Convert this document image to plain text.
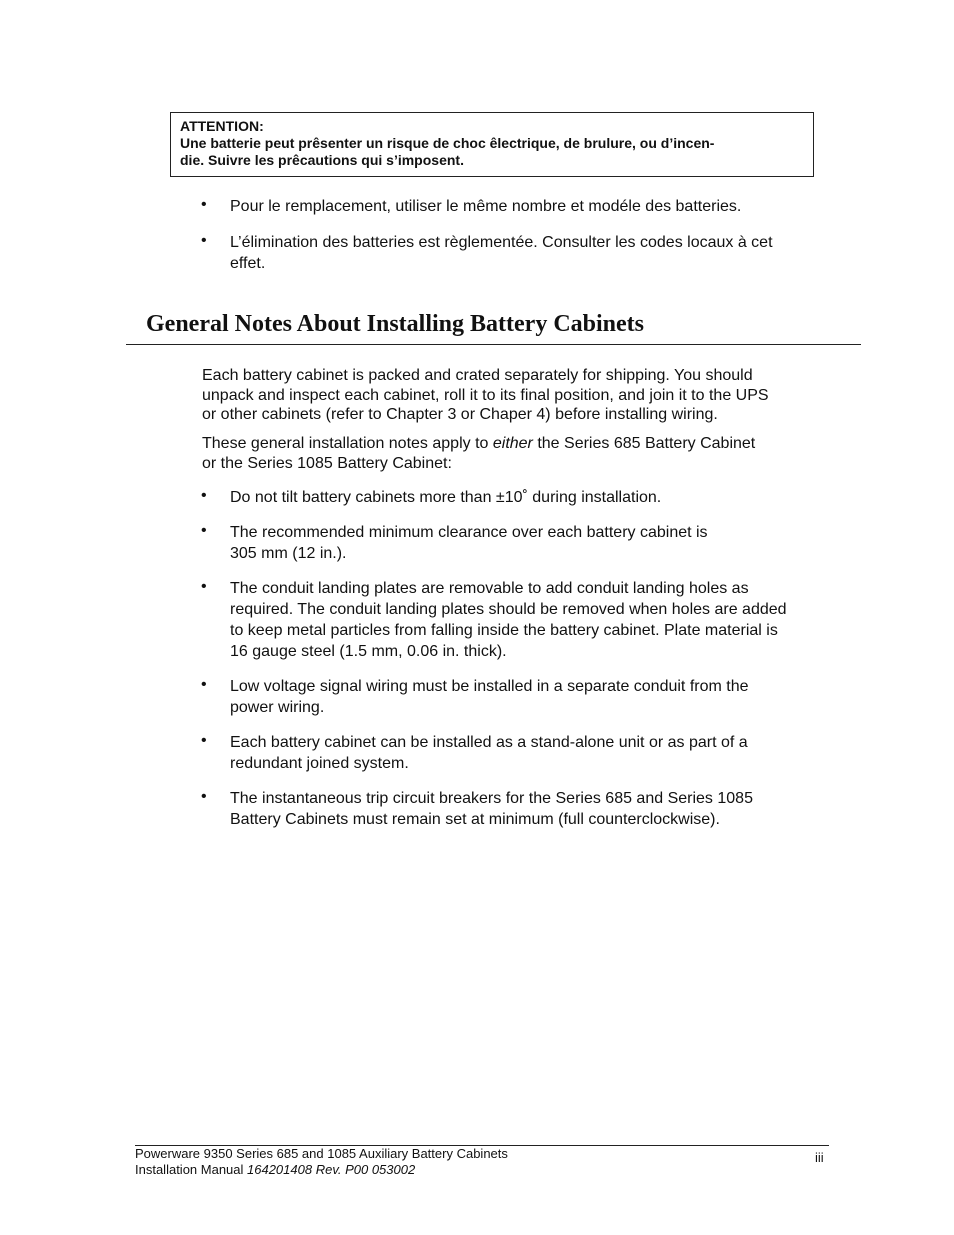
ATTENTION:
Une batterie peut prêsenter un risque de choc êlectrique, de brulure, ou d’incen-
die. Suivre les prêcautions qui s’imposent.
• Pour le remplacement, utiliser le même nombre et modéle des batteries.
• L’élimination des batteries est règlementée. Consulter les codes locaux à cet
effet.
General Notes About Installing Battery Cabinets
Each battery cabinet is packed and crated separately for shipping. You should
unpack and inspect each cabinet, roll it to its final position, and join it to the UPS
or other cabinets (refer to Chapter 3 or Chaper 4) before installing wiring.
These general installation notes apply to either the Series 685 Battery Cabinet
or the Series 1085 Battery Cabinet:
• Do not tilt battery cabinets more than ±10˚ during installation.
• The recommended minimum clearance over each battery cabinet is
305 mm (12 in.).
• The conduit landing plates are removable to add conduit landing holes as
required. The conduit landing plates should be removed when holes are added
to keep metal particles from falling inside the battery cabinet. Plate material is
16 gauge steel (1.5 mm, 0.06 in. thick).
• Low voltage signal wiring must be installed in a separate conduit from the
power wiring.
• Each battery cabinet can be installed as a stand-alone unit or as part of a
redundant joined system.
• The instantaneous trip circuit breakers for the Series 685 and Series 1085
Battery Cabinets must remain set at minimum (full counterclockwise).
Powerware 9350 Series 685 and 1085 Auxiliary Battery Cabinets
Installation Manual 164201408 Rev. P00 053002
iii
